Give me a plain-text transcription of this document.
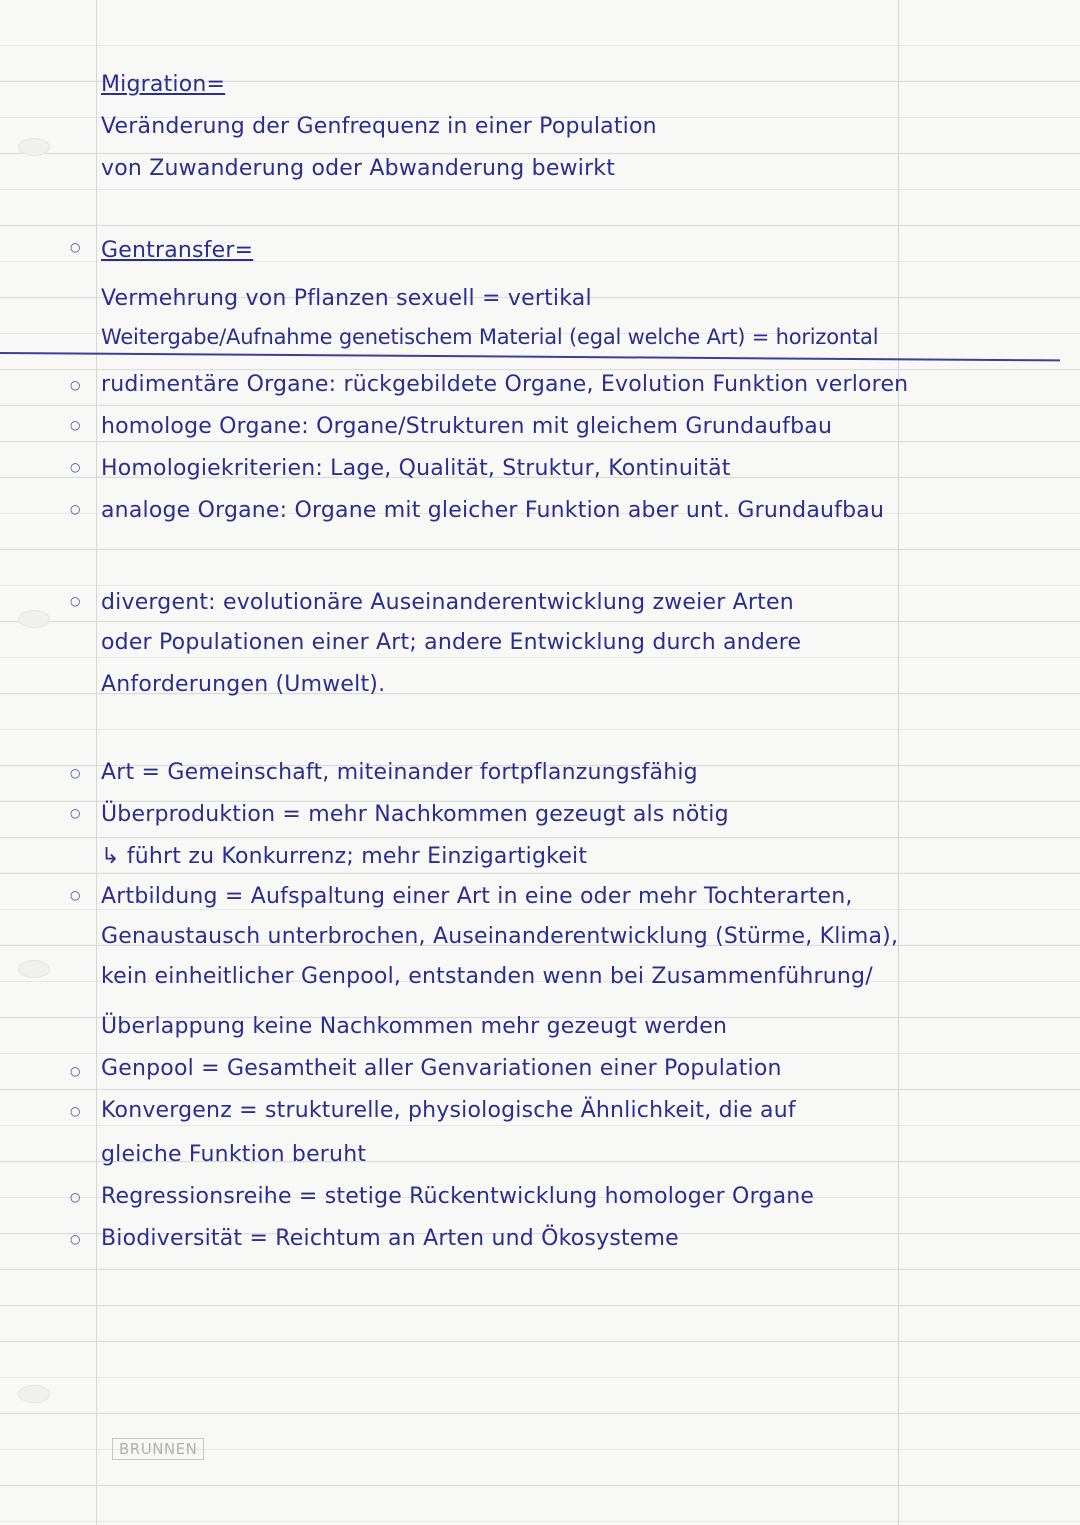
Migration=
Veränderung der Genfrequenz in einer Population
von Zuwanderung oder Abwanderung bewirkt
○ Gentransfer=
Vermehrung von Pflanzen sexuell = vertikal
Weitergabe/Aufnahme genetischem Material (egal welche Art) = horizontal
○ rudimentäre Organe: rückgebildete Organe, Evolution Funktion verloren
○ homologe Organe: Organe/Strukturen mit gleichem Grundaufbau
○ Homologiekriterien: Lage, Qualität, Struktur, Kontinuität
○ analoge Organe: Organe mit gleicher Funktion aber unt. Grundaufbau
○ divergent: evolutionäre Auseinanderentwicklung zweier Arten
oder Populationen einer Art; andere Entwicklung durch andere
Anforderungen (Umwelt).
○ Art = Gemeinschaft, miteinander fortpflanzungsfähig
○ Überproduktion = mehr Nachkommen gezeugt als nötig
↳ führt zu Konkurrenz; mehr Einzigartigkeit
○ Artbildung = Aufspaltung einer Art in eine oder mehr Tochterarten,
Genaustausch unterbrochen, Auseinanderentwicklung (Stürme, Klima),
kein einheitlicher Genpool, entstanden wenn bei Zusammenführung/
Überlappung keine Nachkommen mehr gezeugt werden
○ Genpool = Gesamtheit aller Genvariationen einer Population
○ Konvergenz = strukturelle, physiologische Ähnlichkeit, die auf
gleiche Funktion beruht
○ Regressionsreihe = stetige Rückentwicklung homologer Organe
○ Biodiversität = Reichtum an Arten und Ökosysteme
BRUNNEN
